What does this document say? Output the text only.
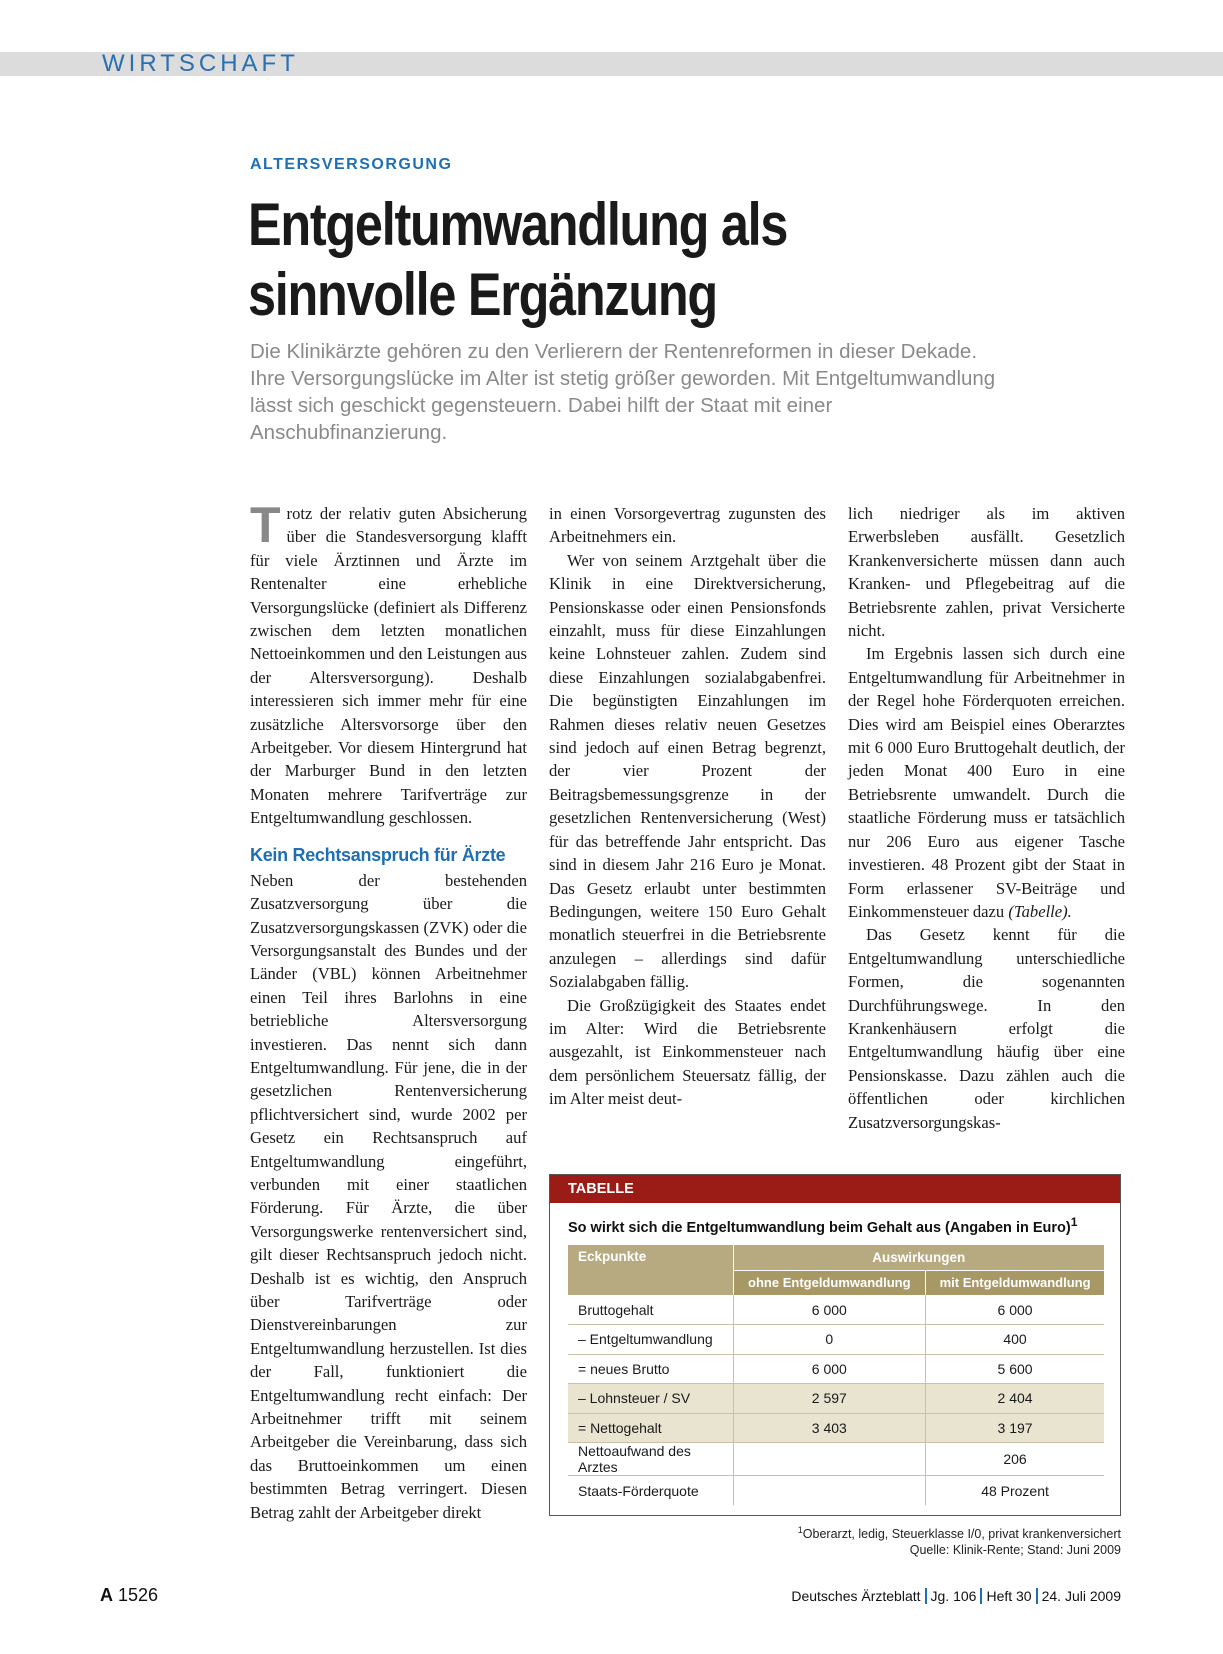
WIRTSCHAFT
ALTERSVERSORGUNG
Entgeltumwandlung als
sinnvolle Ergänzung

Die Klinikärzte gehören zu den Verlierern der Rentenreformen in dieser Dekade. Ihre Versorgungslücke im Alter ist stetig größer geworden. Mit Entgeltumwandlung lässt sich geschickt gegensteuern. Dabei hilft der Staat mit einer Anschubfinanzierung.

Trotz der relativ guten Absicherung über die Standesversorgung klafft für viele Ärztinnen und Ärzte im Rentenalter eine erhebliche Versorgungslücke (definiert als Differenz zwischen dem letzten monatlichen Nettoeinkommen und den Leistungen aus der Altersversorgung). Deshalb interessieren sich immer mehr für eine zusätzliche Altersvorsorge über den Arbeitgeber. Vor diesem Hintergrund hat der Marburger Bund in den letzten Monaten mehrere Tarifverträge zur Entgeltumwandlung geschlossen.

Kein Rechtsanspruch für Ärzte

Neben der bestehenden Zusatzversorgung über die Zusatzversorgungskassen (ZVK) oder die Versorgungsanstalt des Bundes und der Länder (VBL) können Arbeitnehmer einen Teil ihres Barlohns in eine betriebliche Altersversorgung investieren. Das nennt sich dann Entgeltumwandlung. Für jene, die in der gesetzlichen Rentenversicherung pflichtversichert sind, wurde 2002 per Gesetz ein Rechtsanspruch auf Entgeltumwandlung eingeführt, verbunden mit einer staatlichen Förderung. Für Ärzte, die über Versorgungswerke rentenversichert sind, gilt dieser Rechtsanspruch jedoch nicht. Deshalb ist es wichtig, den Anspruch über Tarifverträge oder Dienstvereinbarungen zur Entgeltumwandlung herzustellen. Ist dies der Fall, funktioniert die Entgeltumwandlung recht einfach: Der Arbeitnehmer trifft mit seinem Arbeitgeber die Vereinbarung, dass sich das Bruttoeinkommen um einen bestimmten Betrag verringert. Diesen Betrag zahlt der Arbeitgeber direkt

in einen Vorsorgevertrag zugunsten des Arbeitnehmers ein.

Wer von seinem Arztgehalt über die Klinik in eine Direktversicherung, Pensionskasse oder einen Pensionsfonds einzahlt, muss für diese Einzahlungen keine Lohnsteuer zahlen. Zudem sind diese Einzahlungen sozialabgabenfrei. Die begünstigten Einzahlungen im Rahmen dieses relativ neuen Gesetzes sind jedoch auf einen Betrag begrenzt, der vier Prozent der Beitragsbemessungsgrenze in der gesetzlichen Rentenversicherung (West) für das betreffende Jahr entspricht. Das sind in diesem Jahr 216 Euro je Monat. Das Gesetz erlaubt unter bestimmten Bedingungen, weitere 150 Euro Gehalt monatlich steuerfrei in die Betriebsrente anzulegen – allerdings sind dafür Sozialabgaben fällig.

Die Großzügigkeit des Staates endet im Alter: Wird die Betriebsrente ausgezahlt, ist Einkommensteuer nach dem persönlichem Steuersatz fällig, der im Alter meist deut-

lich niedriger als im aktiven Erwerbsleben ausfällt. Gesetzlich Krankenversicherte müssen dann auch Kranken- und Pflegebeitrag auf die Betriebsrente zahlen, privat Versicherte nicht.

Im Ergebnis lassen sich durch eine Entgeltumwandlung für Arbeitnehmer in der Regel hohe Förderquoten erreichen. Dies wird am Beispiel eines Oberarztes mit 6 000 Euro Bruttogehalt deutlich, der jeden Monat 400 Euro in eine Betriebsrente umwandelt. Durch die staatliche Förderung muss er tatsächlich nur 206 Euro aus eigener Tasche investieren. 48 Prozent gibt der Staat in Form erlassener SV-Beiträge und Einkommensteuer dazu (Tabelle).

Das Gesetz kennt für die Entgeltumwandlung unterschiedliche Formen, die sogenannten Durchführungswege. In den Krankenhäusern erfolgt die Entgeltumwandlung häufig über eine Pensionskasse. Dazu zählen auch die öffentlichen oder kirchlichen Zusatzversorgungskas-

TABELLE
So wirkt sich die Entgeltumwandlung beim Gehalt aus (Angaben in Euro)$^1$
Eckpunkte	Auswirkungen	
	ohne Entgeldumwandlung	mit Entgeldumwandlung
Bruttogehalt	6 000	6 000
– Entgeltumwandlung	0	400
= neues Brutto	6 000	5 600
– Lohnsteuer / SV	2 597	2 404
= Nettogehalt	3 403	3 197
Nettoaufwand des Arztes		206
Staats-Förderquote		48 Prozent
$^1$Oberarzt, ledig, Steuerklasse I/0, privat krankenversichert
Quelle: Klinik-Rente; Stand: Juni 2009
A 1526	Deutsches Ärzteblatt Jg. 106 Heft 30 24. Juli 2009
